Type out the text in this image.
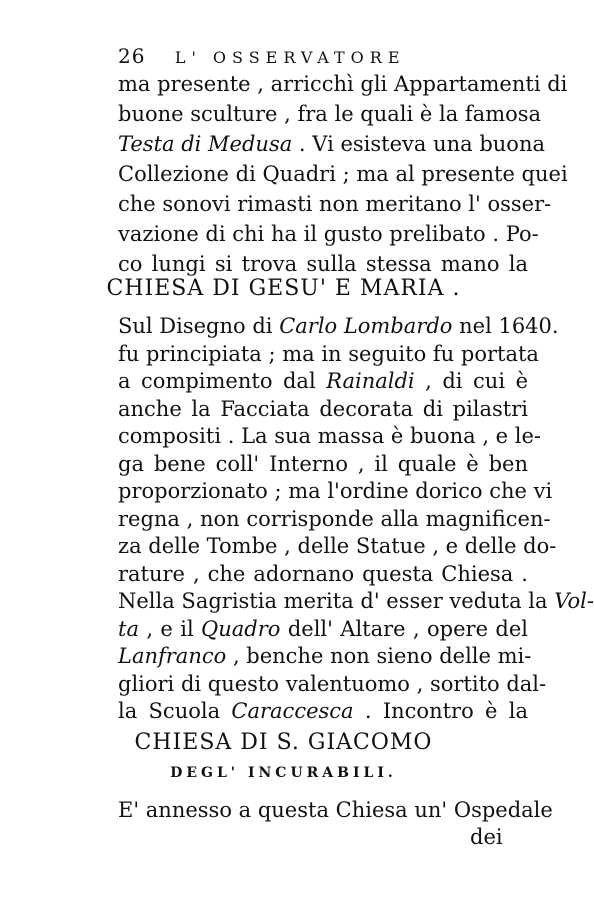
26 L' OSSERVATORE
ma presente , arricchì gli Appartamenti di
buone sculture , fra le quali è la famosa
Testa di Medusa . Vi esisteva una buona
Collezione di Quadri ; ma al presente quei
che sonovi rimasti non meritano l' osser-
vazione di chi ha il gusto prelibato . Po-
co lungi si trova sulla stessa mano la
CHIESA DI GESU' E MARIA .
Sul Disegno di Carlo Lombardo nel 1640.
fu principiata ; ma in seguito fu portata
a compimento dal Rainaldi , di cui è
anche la Facciata decorata di pilastri
compositi . La sua massa è buona , e le-
ga bene coll' Interno , il quale è ben
proporzionato ; ma l'ordine dorico che vi
regna , non corrisponde alla magnificen-
za delle Tombe , delle Statue , e delle do-
rature , che adornano questa Chiesa .
Nella Sagristia merita d' esser veduta la Vol-
ta , e il Quadro dell' Altare , opere del
Lanfranco , benche non sieno delle mi-
gliori di questo valentuomo , sortito dal-
la Scuola Caraccesca . Incontro è la
CHIESA DI S. GIACOMO
DEGL' INCURABILI.
E' annesso a questa Chiesa un' Ospedale
dei
